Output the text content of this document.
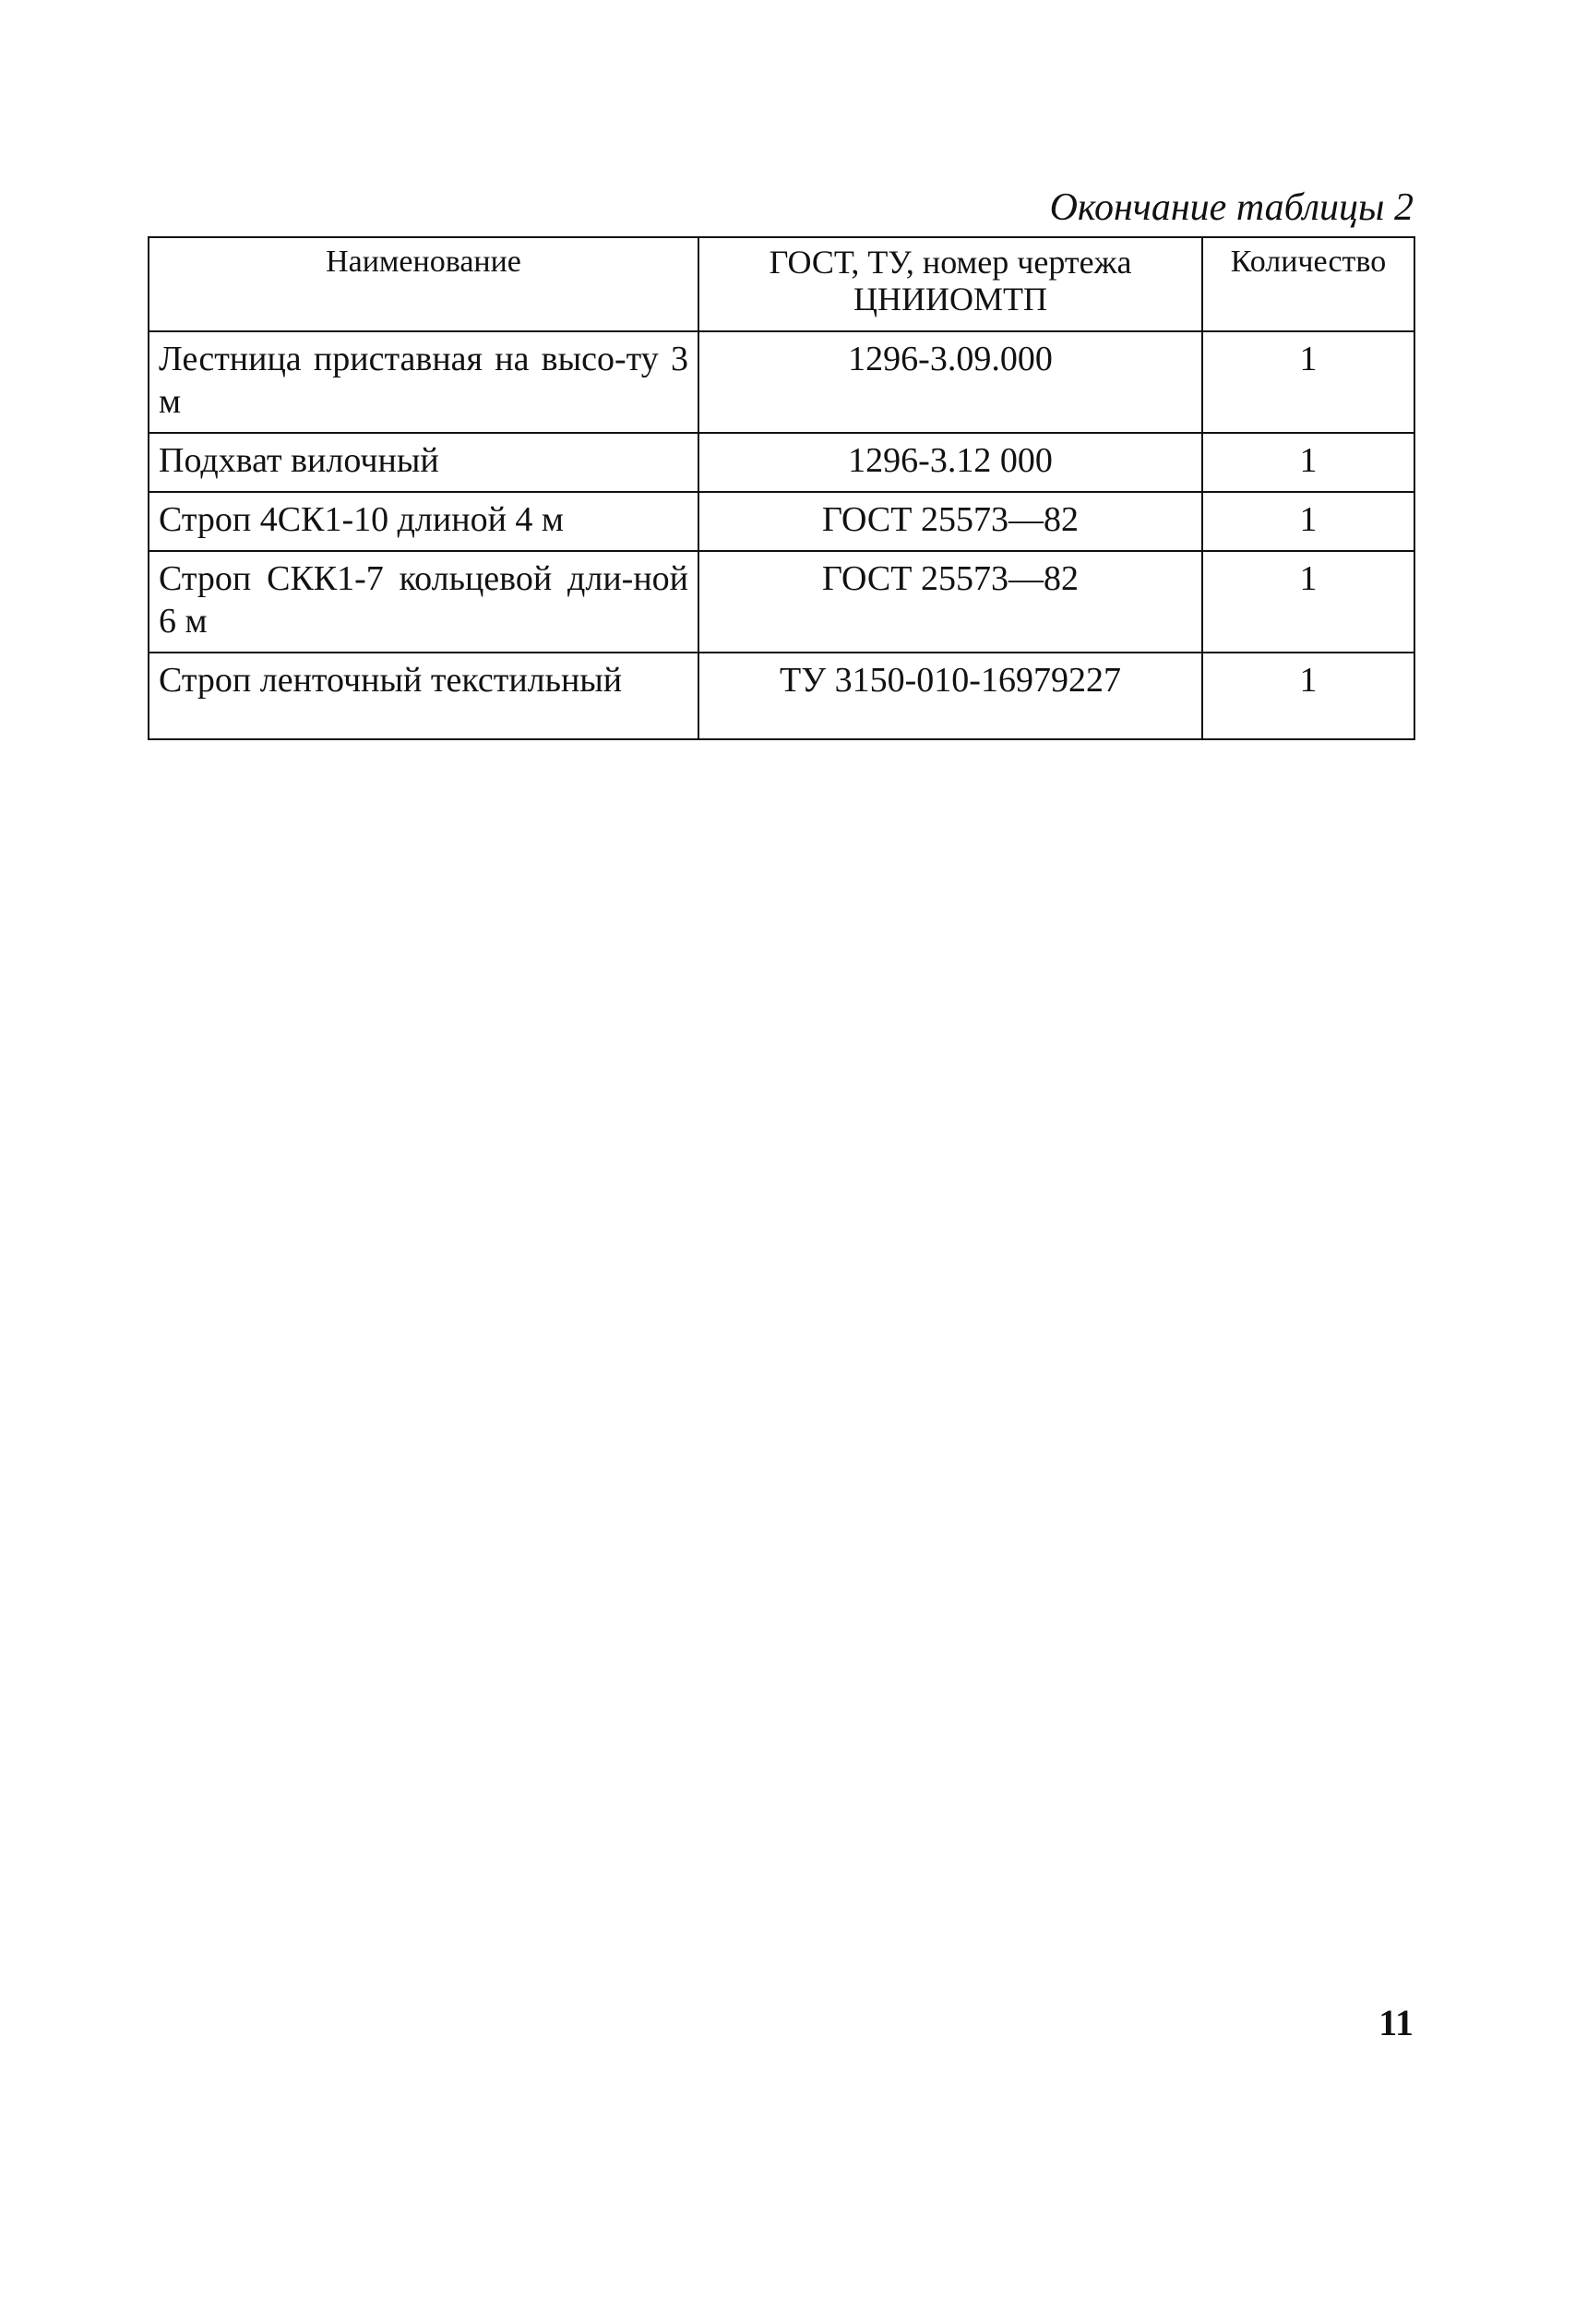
Окончание таблицы 2
Наименование	ГОСТ, ТУ, номер чертежа ЦНИИОМТП	Количество
Лестница приставная на высо-ту 3 м	1296-3.09.000	1
Подхват вилочный	1296-3.12 000	1
Строп 4СК1-10 длиной 4 м	ГОСТ 25573—82	1
Строп СКК1-7 кольцевой дли-ной 6 м	ГОСТ 25573—82	1
Строп ленточный текстильный	ТУ 3150-010-16979227	1
11
